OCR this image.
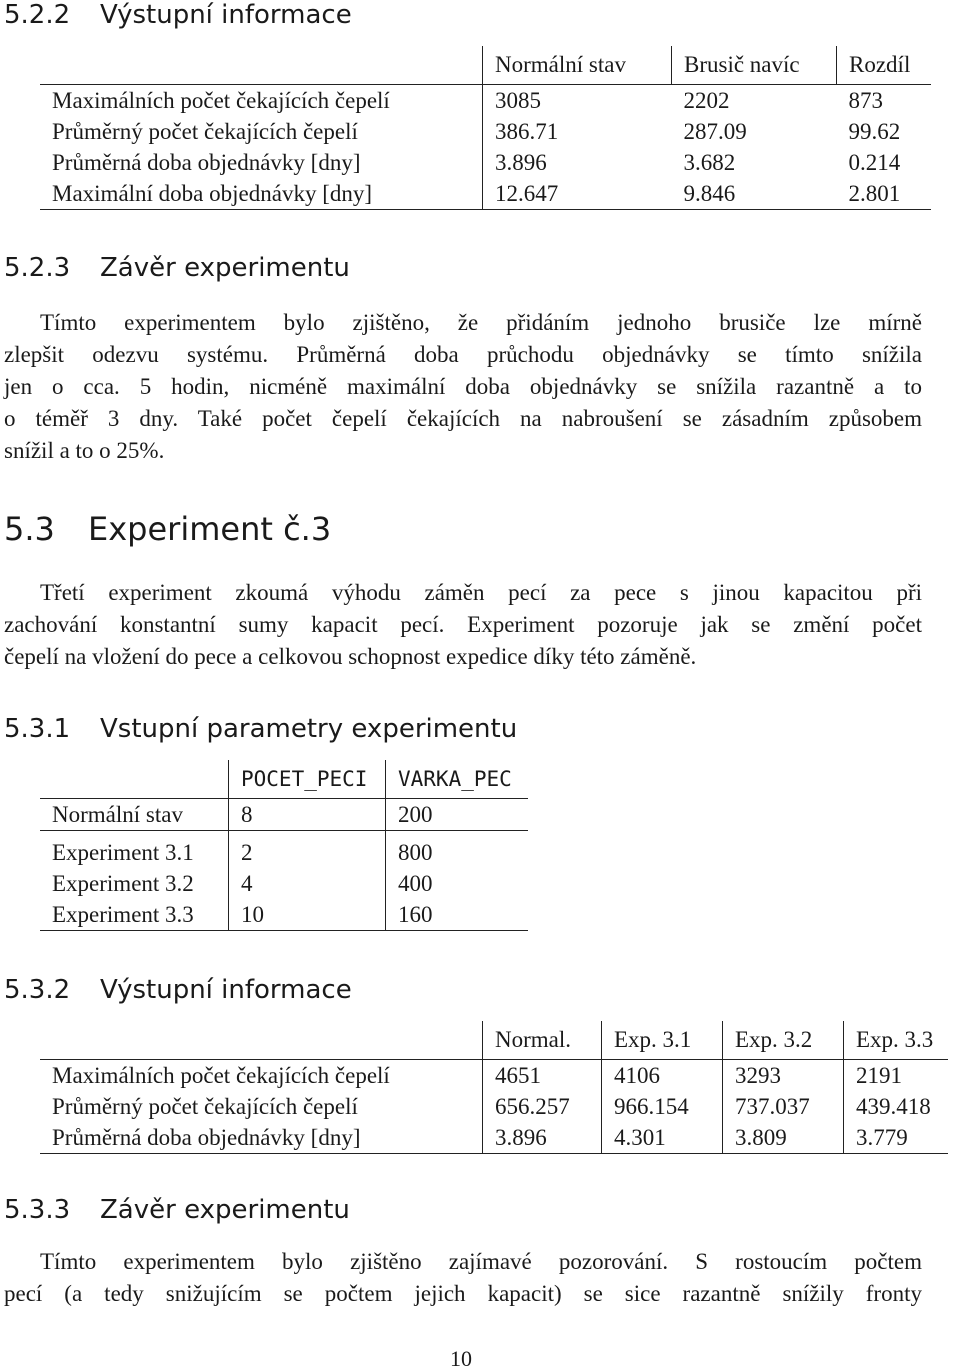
5.2.2 Výstupní informace
	Normální stav	Brusič navíc	Rozdíl
Maximálních počet čekajících čepelí	3085	2202	873
Průměrný počet čekajících čepelí	386.71	287.09	99.62
Průměrná doba objednávky [dny]	3.896	3.682	0.214
Maximální doba objednávky [dny]	12.647	9.846	2.801
5.2.3 Závěr experimentu
Tímto experimentem bylo zjištěno, že přidáním jednoho brusiče lze mírně
zlepšit odezvu systému. Průměrná doba průchodu objednávky se tímto snížila
jen o cca. 5 hodin, nicméně maximální doba objednávky se snížila razantně a to
o téměř 3 dny. Také počet čepelí čekajících na nabroušení se zásadním způsobem
snížil a to o 25%.
5.3 Experiment č.3
Třetí experiment zkoumá výhodu záměn pecí za pece s jinou kapacitou při
zachování konstantní sumy kapacit pecí. Experiment pozoruje jak se změní počet
čepelí na vložení do pece a celkovou schopnost expedice díky této záměně.
5.3.1 Vstupní parametry experimentu
	POCET_PECI	VARKA_PEC
Normální stav	8	200

Experiment 3.1	2	800
Experiment 3.2	4	400
Experiment 3.3	10	160
5.3.2 Výstupní informace
	Normal.	Exp. 3.1	Exp. 3.2	Exp. 3.3
Maximálních počet čekajících čepelí	4651	4106	3293	2191
Průměrný počet čekajících čepelí	656.257	966.154	737.037	439.418
Průměrná doba objednávky [dny]	3.896	4.301	3.809	3.779
5.3.3 Závěr experimentu
Tímto experimentem bylo zjištěno zajímavé pozorování. S rostoucím počtem
pecí (a tedy snižujícím se počtem jejich kapacit) se sice razantně snížily fronty
10
